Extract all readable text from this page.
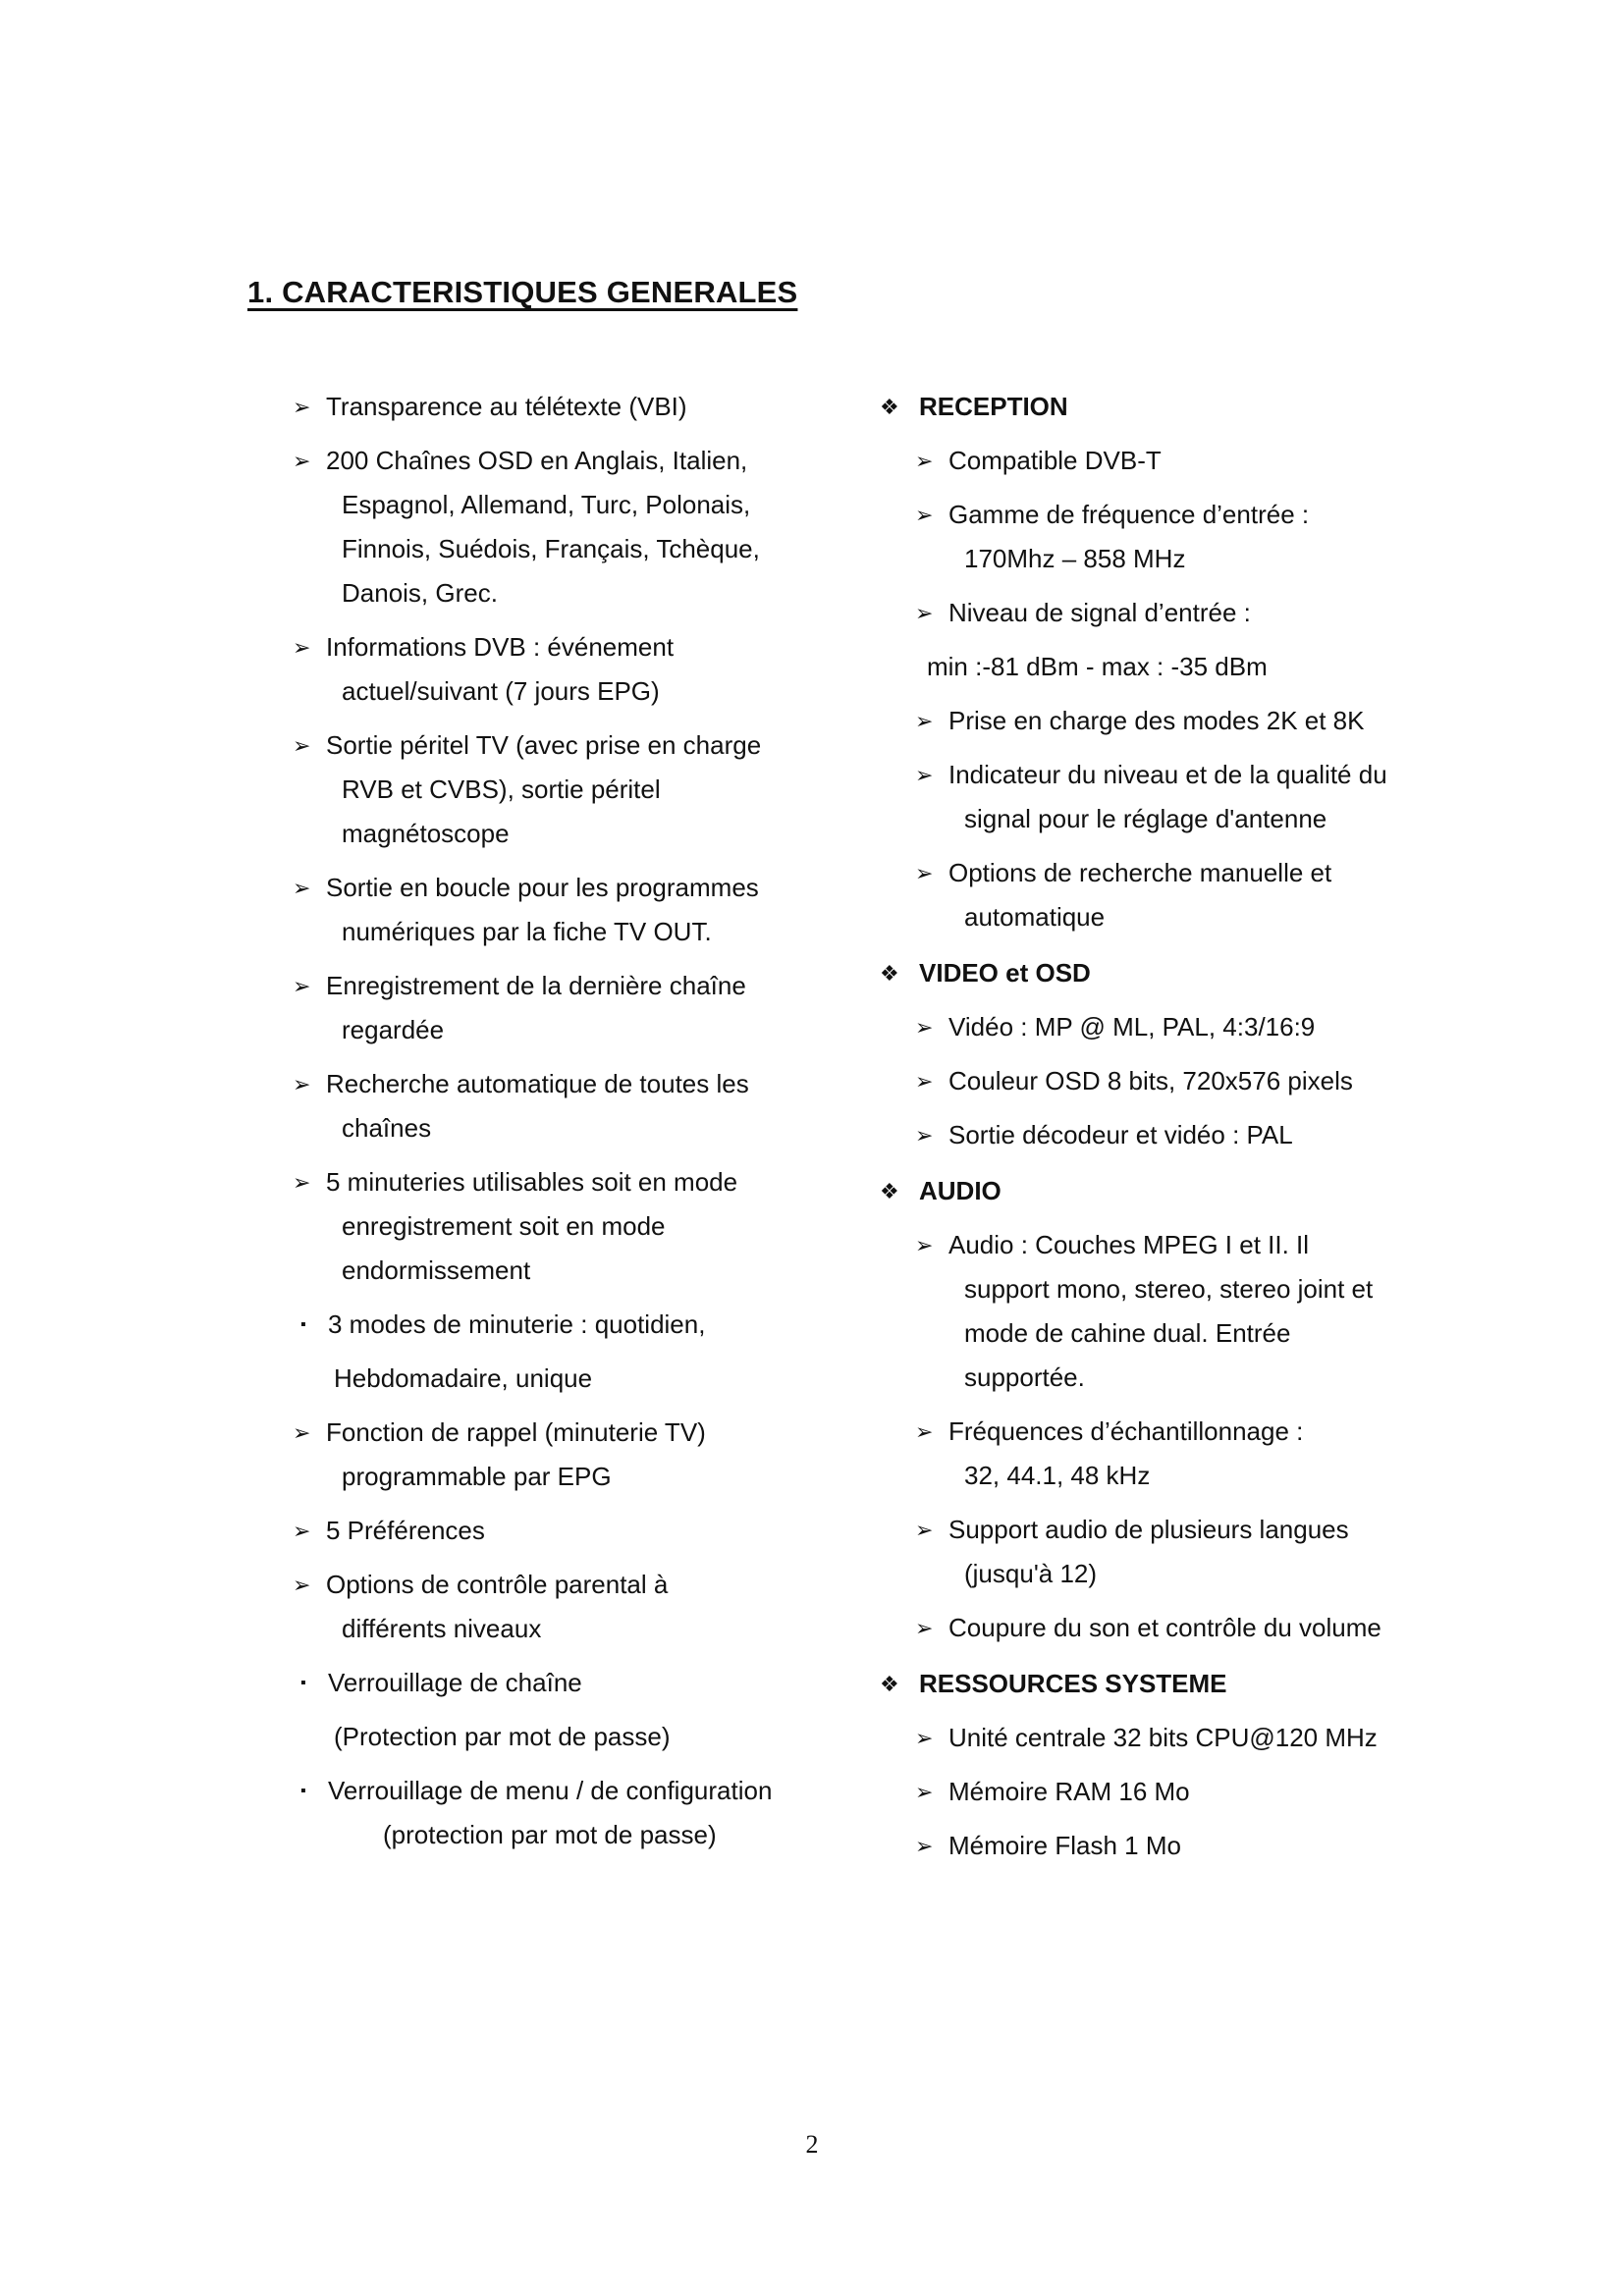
1. CARACTERISTIQUES GENERALES
➢ Transparence au télétexte (VBI)
➢ 200 Chaînes OSD en Anglais, Italien,
Espagnol, Allemand, Turc, Polonais,
Finnois, Suédois, Français, Tchèque,
Danois, Grec.
➢ Informations DVB : événement
actuel/suivant (7 jours EPG)
➢ Sortie péritel TV (avec prise en charge
RVB et CVBS), sortie péritel
magnétoscope
➢ Sortie en boucle pour les programmes
numériques par la fiche TV OUT.
➢ Enregistrement de la dernière chaîne
regardée
➢ Recherche automatique de toutes les
chaînes
➢ 5 minuteries utilisables soit en mode
enregistrement soit en mode
endormissement
▪ 3 modes de minuterie : quotidien,
Hebdomadaire, unique
➢ Fonction de rappel (minuterie TV)
programmable par EPG
➢ 5 Préférences
➢ Options de contrôle parental à
différents niveaux
▪ Verrouillage de chaîne
(Protection par mot de passe)
▪ Verrouillage de menu / de configuration
(protection par mot de passe)
❖ RECEPTION
➢ Compatible DVB-T
➢ Gamme de fréquence d’entrée :
170Mhz – 858 MHz
➢ Niveau de signal d’entrée :
min :-81 dBm - max : -35 dBm
➢ Prise en charge des modes 2K et 8K
➢ Indicateur du niveau et de la qualité du
signal pour le réglage d'antenne
➢ Options de recherche manuelle et
automatique
❖ VIDEO et OSD
➢ Vidéo : MP @ ML, PAL, 4:3/16:9
➢ Couleur OSD 8 bits, 720x576 pixels
➢ Sortie décodeur et vidéo : PAL
❖ AUDIO
➢ Audio : Couches MPEG I et II. Il
support mono, stereo, stereo joint et
mode de cahine dual. Entrée
supportée.
➢ Fréquences d’échantillonnage :
32, 44.1, 48 kHz
➢ Support audio de plusieurs langues
(jusqu'à 12)
➢ Coupure du son et contrôle du volume
❖ RESSOURCES SYSTEME
➢ Unité centrale 32 bits CPU@120 MHz
➢ Mémoire RAM 16 Mo
➢ Mémoire Flash 1 Mo
2
